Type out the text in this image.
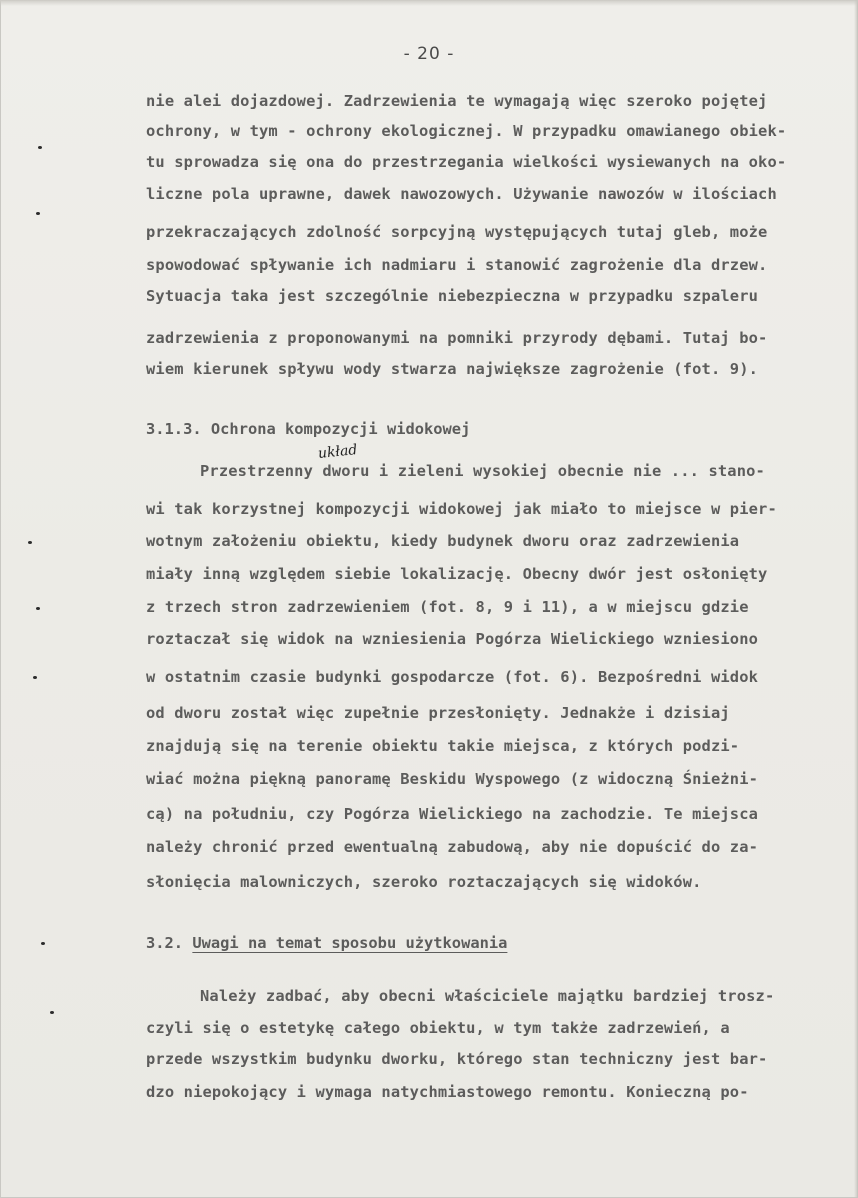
- 20 -
nie alei dojazdowej. Zadrzewienia te wymagają więc szeroko pojętej
ochrony, w tym - ochrony ekologicznej. W przypadku omawianego obiek-
tu sprowadza się ona do przestrzegania wielkości wysiewanych na oko-
liczne pola uprawne, dawek nawozowych. Używanie nawozów w ilościach
przekraczających zdolność sorpcyjną występujących tutaj gleb, może
spowodować spływanie ich nadmiaru i stanowić zagrożenie dla drzew.
Sytuacja taka jest szczególnie niebezpieczna w przypadku szpaleru
zadrzewienia z proponowanymi na pomniki przyrody dębami. Tutaj bo-
wiem kierunek spływu wody stwarza największe zagrożenie (fot. 9).
3.1.3. Ochrona kompozycji widokowej
układ
Przestrzenny dworu i zieleni wysokiej obecnie nie ... stano-
wi tak korzystnej kompozycji widokowej jak miało to miejsce w pier-
wotnym założeniu obiektu, kiedy budynek dworu oraz zadrzewienia
miały inną względem siebie lokalizację. Obecny dwór jest osłonięty
z trzech stron zadrzewieniem (fot. 8, 9 i 11), a w miejscu gdzie
roztaczał się widok na wzniesienia Pogórza Wielickiego wzniesiono
w ostatnim czasie budynki gospodarcze (fot. 6). Bezpośredni widok
od dworu został więc zupełnie przesłonięty. Jednakże i dzisiaj
znajdują się na terenie obiektu takie miejsca, z których podzi-
wiać można piękną panoramę Beskidu Wyspowego (z widoczną Śnieżni-
cą) na południu, czy Pogórza Wielickiego na zachodzie. Te miejsca
należy chronić przed ewentualną zabudową, aby nie dopuścić do za-
słonięcia malowniczych, szeroko roztaczających się widoków.
3.2. Uwagi na temat sposobu użytkowania
Należy zadbać, aby obecni właściciele majątku bardziej trosz-
czyli się o estetykę całego obiektu, w tym także zadrzewień, a
przede wszystkim budynku dworku, którego stan techniczny jest bar-
dzo niepokojący i wymaga natychmiastowego remontu. Konieczną po-
